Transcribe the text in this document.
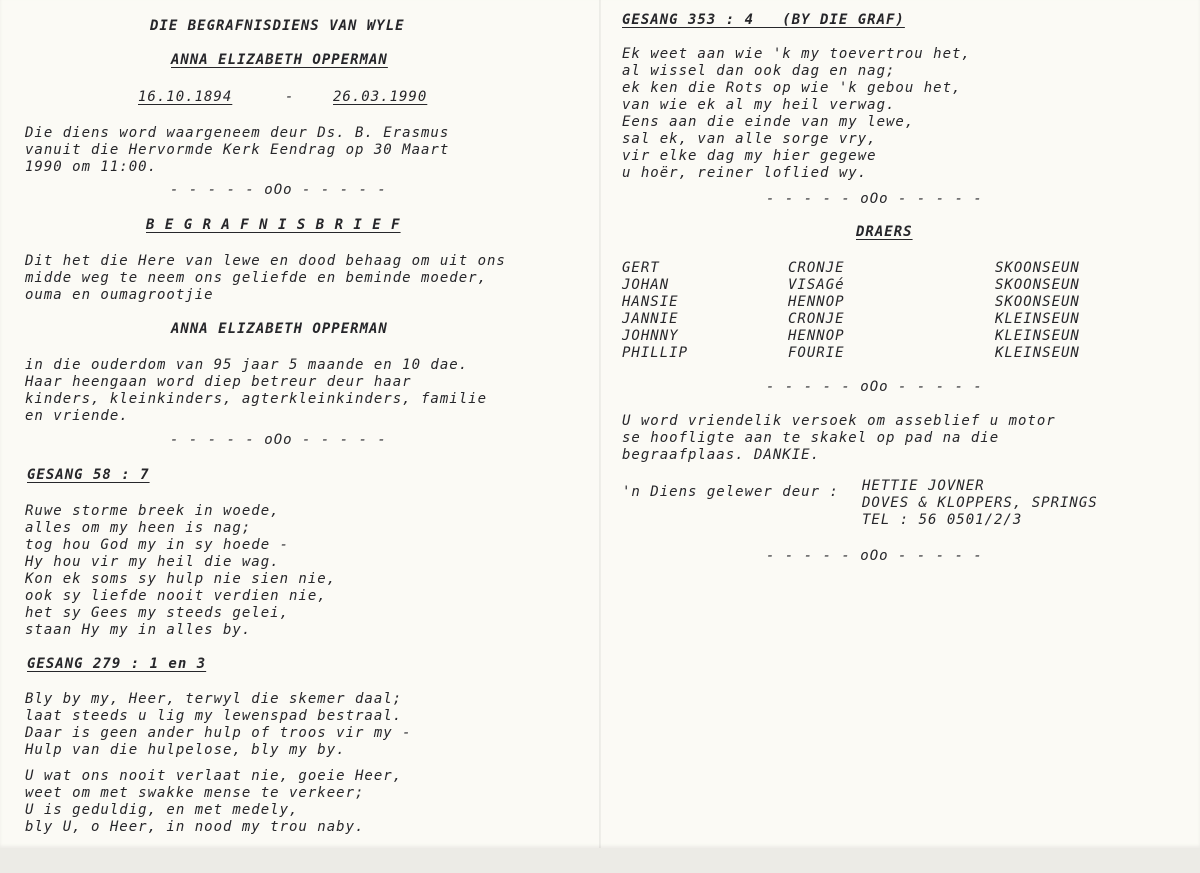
DIE BEGRAFNISDIENS VAN WYLE
ANNA ELIZABETH OPPERMAN
16.10.1894	-	26.03.1990
Die diens word waargeneem deur Ds. B. Erasmus
vanuit die Hervormde Kerk Eendrag op 30 Maart
1990 om 11:00.
- - - - - oOo - - - - -
B E G R A F N I S B R I E F
Dit het die Here van lewe en dood behaag om uit ons
midde weg te neem ons geliefde en beminde moeder,
ouma en oumagrootjie
ANNA ELIZABETH OPPERMAN
in die ouderdom van 95 jaar 5 maande en 10 dae.
Haar heengaan word diep betreur deur haar
kinders, kleinkinders, agterkleinkinders, familie
en vriende.
- - - - - oOo - - - - -
GESANG 58 : 7
Ruwe storme breek in woede,
alles om my heen is nag;
tog hou God my in sy hoede -
Hy hou vir my heil die wag.
Kon ek soms sy hulp nie sien nie,
ook sy liefde nooit verdien nie,
het sy Gees my steeds gelei,
staan Hy my in alles by.
GESANG 279 : 1 en 3
Bly by my, Heer, terwyl die skemer daal;
laat steeds u lig my lewenspad bestraal.
Daar is geen ander hulp of troos vir my -
Hulp van die hulpelose, bly my by.
U wat ons nooit verlaat nie, goeie Heer,
weet om met swakke mense te verkeer;
U is geduldig, en met medely,
bly U, o Heer, in nood my trou naby.
GESANG 353 : 4   (BY DIE GRAF)
Ek weet aan wie 'k my toevertrou het,
al wissel dan ook dag en nag;
ek ken die Rots op wie 'k gebou het,
van wie ek al my heil verwag.
Eens aan die einde van my lewe,
sal ek, van alle sorge vry,
vir elke dag my hier gegewe
u hoër, reiner loflied wy.
- - - - - oOo - - - - -
DRAERS
GERT	CRONJE	SKOONSEUN
JOHAN	VISAGé	SKOONSEUN
HANSIE	HENNOP	SKOONSEUN
JANNIE	CRONJE	KLEINSEUN
JOHNNY	HENNOP	KLEINSEUN
PHILLIP	FOURIE	KLEINSEUN
- - - - - oOo - - - - -
U word vriendelik versoek om asseblief u motor
se hoofligte aan te skakel op pad na die
begraafplaas. DANKIE.
'n Diens gelewer deur : HETTIE JOVNER
DOVES & KLOPPERS, SPRINGS
TEL : 56 0501/2/3
- - - - - oOo - - - - -
